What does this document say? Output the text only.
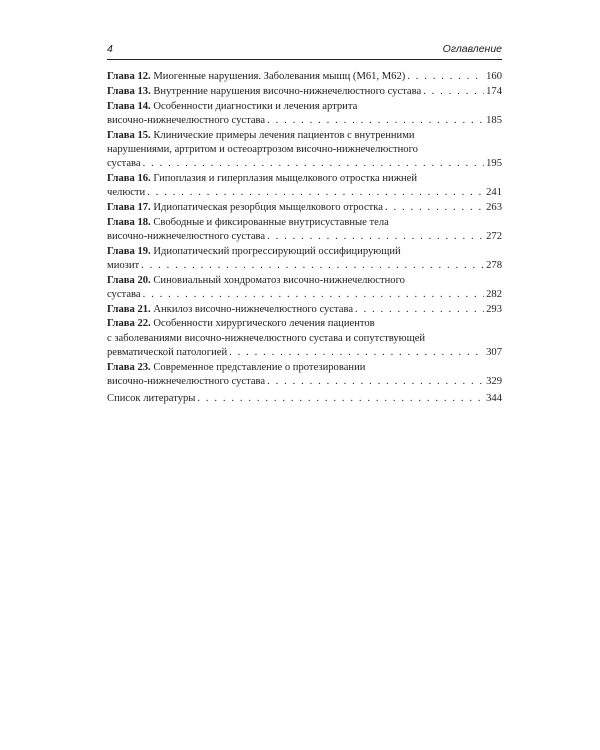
4	Оглавление
Глава 12. Миогенные нарушения. Заболевания мышц (М61, М62) . . .	160
Глава 13. Внутренние нарушения височно-нижнечелюстного сустава . . .	174
Глава 14. Особенности диагностики и лечения артрита
височно-нижнечелюстного сустава . . .	185
Глава 15. Клинические примеры лечения пациентов с внутренними
нарушениями, артритом и остеоартрозом височно-нижнечелюстного
сустава . . .	195
Глава 16. Гипоплазия и гиперплазия мыщелкового отростка нижней
челюсти . . .	241
Глава 17. Идиопатическая резорбция мыщелкового отростка . . .	263
Глава 18. Свободные и фиксированные внутрисуставные тела
височно-нижнечелюстного сустава . . .	272
Глава 19. Идиопатический прогрессирующий оссифицирующий
миозит . . .	278
Глава 20. Синовиальный хондроматоз височно-нижнечелюстного
сустава . . .	282
Глава 21. Анкилоз височно-нижнечелюстного сустава . . .	293
Глава 22. Особенности хирургического лечения пациентов
с заболеваниями височно-нижнечелюстного сустава и сопутствующей
ревматической патологией . . .	307
Глава 23. Современное представление о протезировании
височно-нижнечелюстного сустава . . .	329
Список литературы . . .	344
